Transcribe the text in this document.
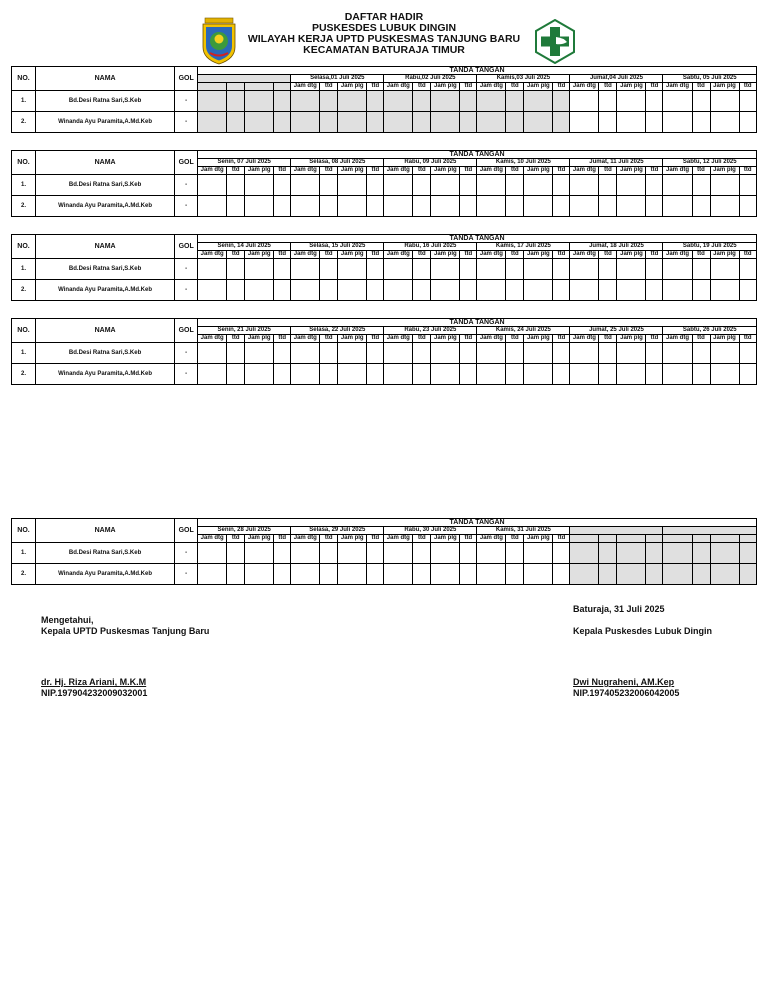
DAFTAR HADIR
PUSKESDES LUBUK DINGIN
WILAYAH KERJA UPTD PUSKESMAS TANJUNG BARU
KECAMATAN BATURAJA TIMUR
NO.	NAMA	GOL	TANDA TANGAN																							
							Selasa,01 Juli 2025				Rabu,02 Juli 2025				Kamis,03 Juli 2025				Jumat,04 Juli 2025				Sabtu, 05 Juli 2025			
							Jam dtg	ttd	Jam plg	ttd	Jam dtg	ttd	Jam plg	ttd	Jam dtg	ttd	Jam plg	ttd	Jam dtg	ttd	Jam plg	ttd	Jam dtg	ttd	Jam plg	ttd
1.	Bd.Desi Ratna Sari,S.Keb	-																								
2.	Winanda Ayu Paramita,A.Md.Keb	-																								
NO.	NAMA	GOL	TANDA TANGAN																							
			Senin, 07 Juli 2025				Selasa, 08 Juli 2025				Rabu, 09 Juli 2025				Kamis, 10 Juli 2025				Jumat, 11 Juli 2025				Sabtu, 12 Juli 2025			
			Jam dtg	ttd	Jam plg	ttd	Jam dtg	ttd	Jam plg	ttd	Jam dtg	ttd	Jam plg	ttd	Jam dtg	ttd	Jam plg	ttd	Jam dtg	ttd	Jam plg	ttd	Jam dtg	ttd	Jam plg	ttd
1.	Bd.Desi Ratna Sari,S.Keb	-																								
2.	Winanda Ayu Paramita,A.Md.Keb	-																								
NO.	NAMA	GOL	TANDA TANGAN																							
			Senin, 14 Juli 2025				Selasa, 15 Juli 2025				Rabu, 16 Juli 2025				Kamis, 17 Juli 2025				Jumat, 18 Juli 2025				Sabtu, 19 Juli 2025			
			Jam dtg	ttd	Jam plg	ttd	Jam dtg	ttd	Jam plg	ttd	Jam dtg	ttd	Jam plg	ttd	Jam dtg	ttd	Jam plg	ttd	Jam dtg	ttd	Jam plg	ttd	Jam dtg	ttd	Jam plg	ttd
1.	Bd.Desi Ratna Sari,S.Keb	-																								
2.	Winanda Ayu Paramita,A.Md.Keb	-																								
NO.	NAMA	GOL	TANDA TANGAN																							
			Senin, 21 Juli 2025				Selasa, 22 Juli 2025				Rabu, 23 Juli 2025				Kamis, 24 Juli 2025				Jumat, 25 Juli 2025				Sabtu, 26 Juli 2025			
			Jam dtg	ttd	Jam plg	ttd	Jam dtg	ttd	Jam plg	ttd	Jam dtg	ttd	Jam plg	ttd	Jam dtg	ttd	Jam plg	ttd	Jam dtg	ttd	Jam plg	ttd	Jam dtg	ttd	Jam plg	ttd
1.	Bd.Desi Ratna Sari,S.Keb	-																								
2.	Winanda Ayu Paramita,A.Md.Keb	-																								
NO.	NAMA	GOL	TANDA TANGAN																							
			Senin, 28 Juli 2025				Selasa, 29 Juli 2025				Rabu, 30 Juli 2025				Kamis, 31 Juli 2025											
			Jam dtg	ttd	Jam plg	ttd	Jam dtg	ttd	Jam plg	ttd	Jam dtg	ttd	Jam plg	ttd	Jam dtg	ttd	Jam plg	ttd								
1.	Bd.Desi Ratna Sari,S.Keb	-																								
2.	Winanda Ayu Paramita,A.Md.Keb	-																								
Mengetahui,
Kepala UPTD Puskesmas Tanjung Baru
dr. Hj. Riza Ariani, M.K.M
NIP.197904232009032001
Baturaja, 31 Juli 2025
Kepala Puskesdes Lubuk Dingin
Dwi Nugraheni, AM.Kep
NIP.197405232006042005
